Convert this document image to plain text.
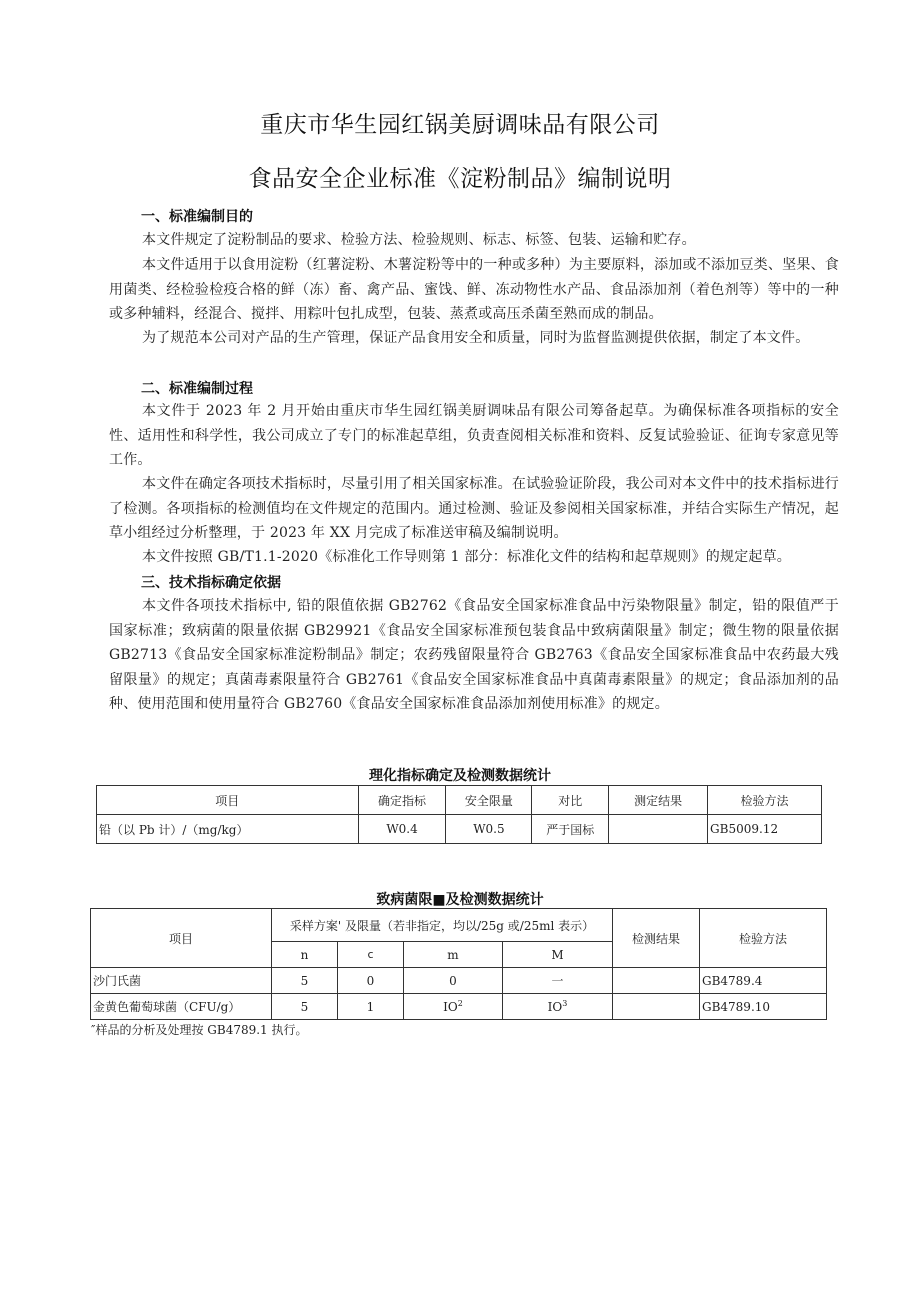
重庆市华生园红锅美厨调味品有限公司
食品安全企业标准《淀粉制品》编制说明
一、标准编制目的

本文件规定了淀粉制品的要求、检验方法、检验规则、标志、标签、包装、运输和贮存。

本文件适用于以食用淀粉（红薯淀粉、木薯淀粉等中的一种或多种）为主要原料，添加或不添加豆类、坚果、食用菌类、经检验检疫合格的鲜（冻）畜、禽产品、蜜饯、鲜、冻动物性水产品、食品添加剂（着色剂等）等中的一种或多种辅料，经混合、搅拌、用粽叶包扎成型，包装、蒸煮或高压杀菌至熟而成的制品。

为了规范本公司对产品的生产管理，保证产品食用安全和质量，同时为监督监测提供依据，制定了本文件。

二、标准编制过程

本文件于 2023 年 2 月开始由重庆市华生园红锅美厨调味品有限公司筹备起草。为确保标准各项指标的安全性、适用性和科学性，我公司成立了专门的标准起草组，负责查阅相关标准和资料、反复试验验证、征询专家意见等工作。

本文件在确定各项技术指标时，尽量引用了相关国家标准。在试验验证阶段，我公司对本文件中的技术指标进行了检测。各项指标的检测值均在文件规定的范围内。通过检测、验证及参阅相关国家标准，并结合实际生产情况，起草小组经过分析整理，于 2023 年 XX 月完成了标准送审稿及编制说明。

本文件按照 GB/T1.1-2020《标准化工作导则第 1 部分：标准化文件的结构和起草规则》的规定起草。

三、技术指标确定依据

本文件各项技术指标中, 铅的限值依据 GB2762《食品安全国家标准食品中污染物限量》制定，铅的限值严于国家标准；致病菌的限量依据 GB29921《食品安全国家标准预包装食品中致病菌限量》制定；微生物的限量依据 GB2713《食品安全国家标准淀粉制品》制定；农药残留限量符合 GB2763《食品安全国家标准食品中农药最大残留限量》的规定；真菌毒素限量符合 GB2761《食品安全国家标准食品中真菌毒素限量》的规定；食品添加剂的品种、使用范围和使用量符合 GB2760《食品安全国家标准食品添加剂使用标准》的规定。

理化指标确定及检测数据统计
项目	确定指标	安全限量	对比	测定结果	检验方法
铅（以 Pb 计）/（mg/kg）	W0.4	W0.5	严于国标		GB5009.12
致病菌限■及检测数据统计
项目	采样方案' 及限量（若非指定，均以/25g 或/25ml 表示）				检测结果	检验方法
	n	c	m	M		
沙门氏菌	5	0	0	一		GB4789.4
金黄色葡萄球菌（CFU/g）	5	1	$IO^2$	$IO^3$		GB4789.10
″样品的分析及处理按 GB4789.1 执行。
